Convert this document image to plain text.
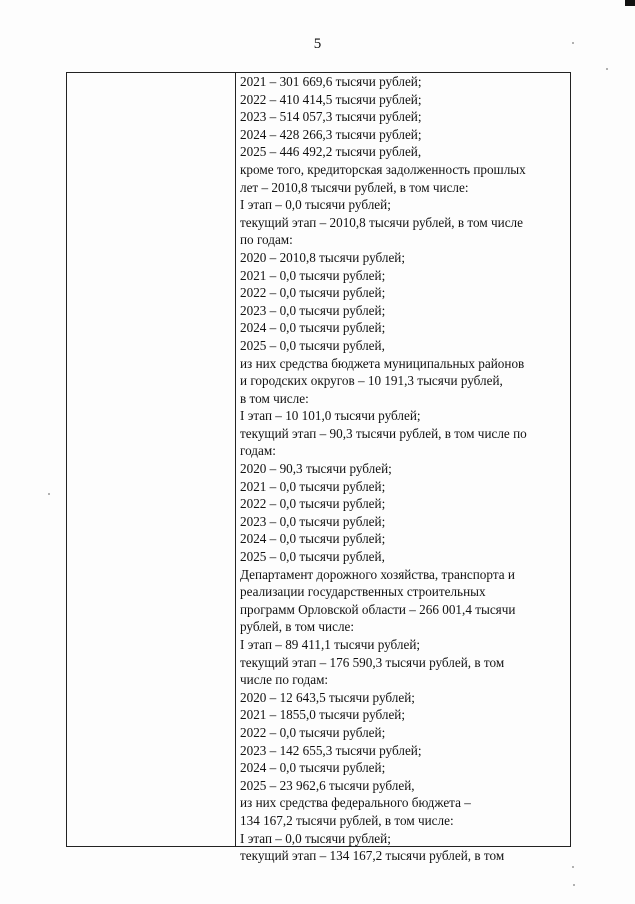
5
2021 – 301 669,6 тысячи рублей;
2022 – 410 414,5 тысячи рублей;
2023 – 514 057,3 тысячи рублей;
2024 – 428 266,3 тысячи рублей;
2025 – 446 492,2 тысячи рублей,
кроме того, кредиторская задолженность прошлых
лет – 2010,8 тысячи рублей, в том числе:
I этап – 0,0 тысячи рублей;
текущий этап – 2010,8 тысячи рублей, в том числе
по годам:
2020 – 2010,8 тысячи рублей;
2021 – 0,0 тысячи рублей;
2022 – 0,0 тысячи рублей;
2023 – 0,0 тысячи рублей;
2024 – 0,0 тысячи рублей;
2025 – 0,0 тысячи рублей,
из них средства бюджета муниципальных районов
и городских округов – 10 191,3 тысячи рублей,
в том числе:
I этап – 10 101,0 тысячи рублей;
текущий этап – 90,3 тысячи рублей, в том числе по
годам:
2020 – 90,3 тысячи рублей;
2021 – 0,0 тысячи рублей;
2022 – 0,0 тысячи рублей;
2023 – 0,0 тысячи рублей;
2024 – 0,0 тысячи рублей;
2025 – 0,0 тысячи рублей,
Департамент дорожного хозяйства, транспорта и
реализации государственных строительных
программ Орловской области – 266 001,4 тысячи
рублей, в том числе:
I этап – 89 411,1 тысячи рублей;
текущий этап – 176 590,3 тысячи рублей, в том
числе по годам:
2020 – 12 643,5 тысячи рублей;
2021 – 1855,0 тысячи рублей;
2022 – 0,0 тысячи рублей;
2023 – 142 655,3 тысячи рублей;
2024 – 0,0 тысячи рублей;
2025 – 23 962,6 тысячи рублей,
из них средства федерального бюджета –
134 167,2 тысячи рублей, в том числе:
I этап – 0,0 тысячи рублей;
текущий этап – 134 167,2 тысячи рублей, в том
